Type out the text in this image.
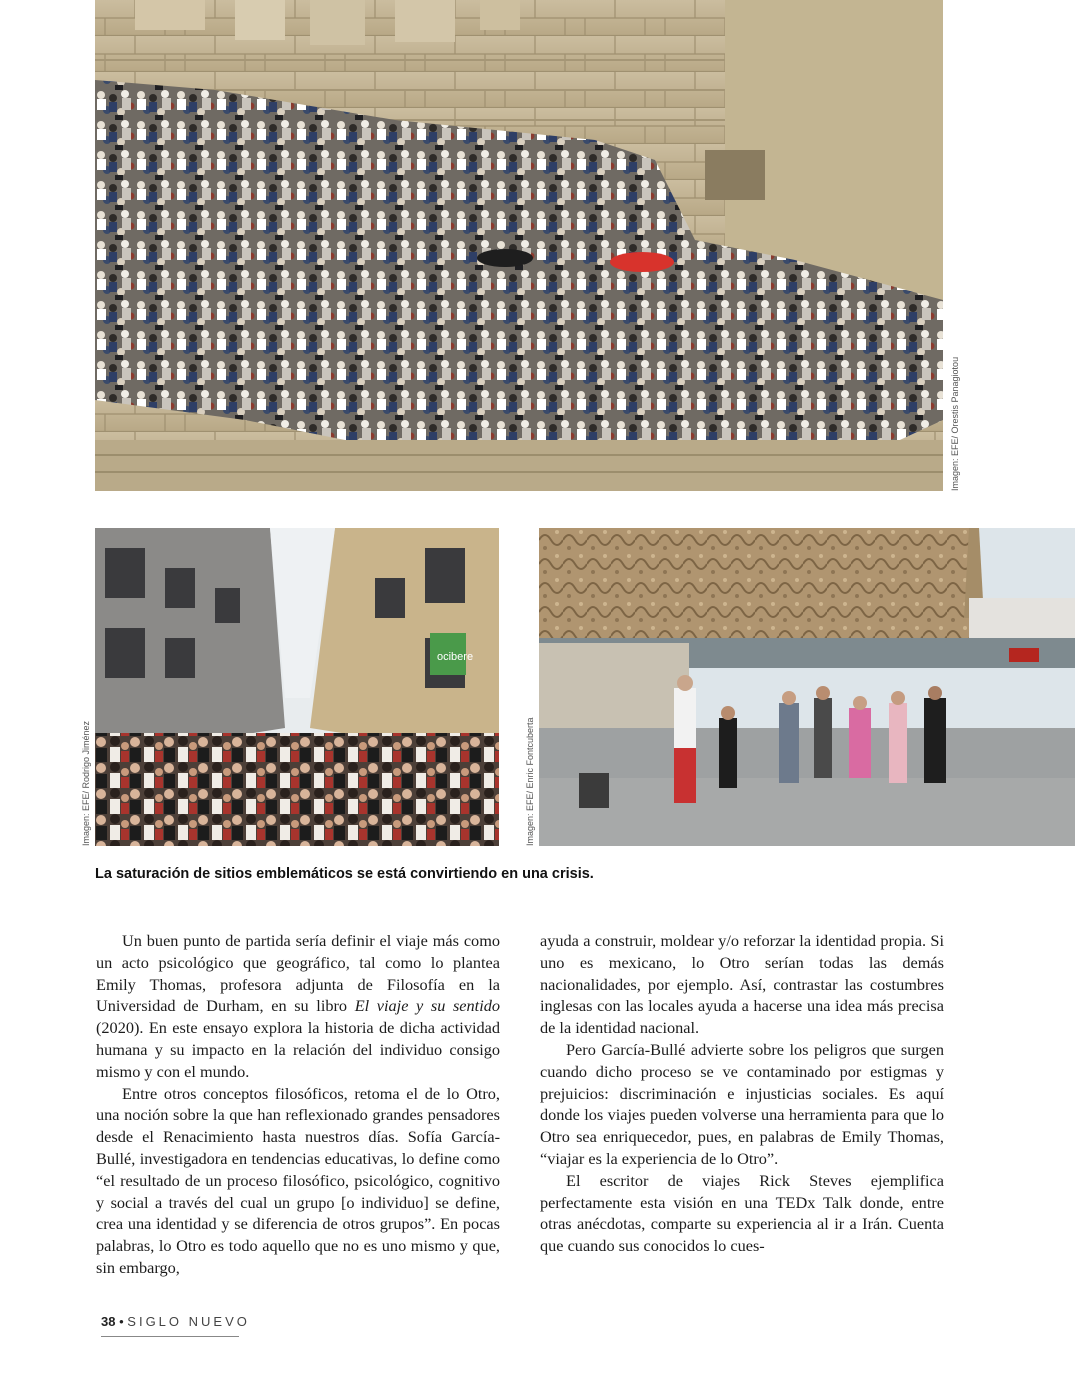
Imagen: EFE/ Orestis Panagiotou
ocibere
Imagen: EFE/ Rodrigo Jiménez	Imagen: EFE/ Enric Fontcuberta
La saturación de sitios emblemáticos se está convirtiendo en una crisis.

Un buen punto de partida sería definir el viaje más como un acto psicológico que geográfico, tal como lo plantea Emily Thomas, profesora adjunta de Filosofía en la Universidad de Durham, en su libro El viaje y su sentido (2020). En este ensayo explora la historia de dicha actividad humana y su impacto en la relación del individuo consigo mismo y con el mundo.

Entre otros conceptos filosóficos, retoma el de lo Otro, una noción sobre la que han reflexionado grandes pensadores desde el Renacimiento hasta nuestros días. Sofía García-Bullé, investigadora en tendencias educativas, lo define como “el resultado de un proceso filosófico, psicológico, cognitivo y social a través del cual un grupo [o individuo] se define, crea una identidad y se diferencia de otros grupos”. En pocas palabras, lo Otro es todo aquello que no es uno mismo y que, sin embargo,

ayuda a construir, moldear y/o reforzar la identidad propia. Si uno es mexicano, lo Otro serían todas las demás nacionalidades, por ejemplo. Así, contrastar las costumbres inglesas con las locales ayuda a hacerse una idea más precisa de la identidad nacional.

Pero García-Bullé advierte sobre los peligros que surgen cuando dicho proceso se ve contaminado por estigmas y prejuicios: discriminación e injusticias sociales. Es aquí donde los viajes pueden volverse una herramienta para que lo Otro sea enriquecedor, pues, en palabras de Emily Thomas, “viajar es la experiencia de lo Otro”.

El escritor de viajes Rick Steves ejemplifica perfectamente esta visión en una TEDx Talk donde, entre otras anécdotas, comparte su experiencia al ir a Irán. Cuenta que cuando sus conocidos lo cues-

38 • SIGLO NUEVO
